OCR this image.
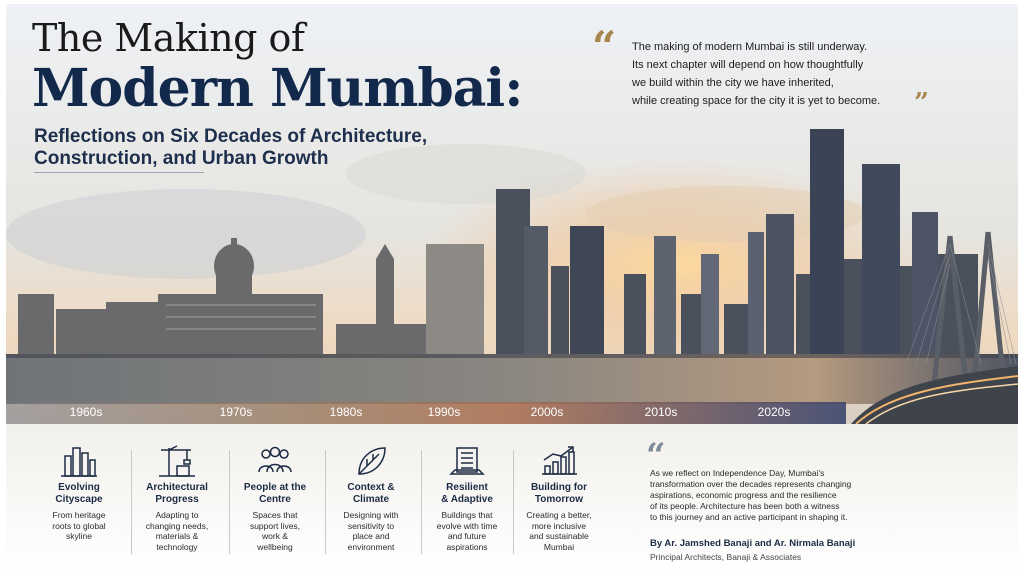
The Making of
Modern Mumbai:
Reflections on Six Decades of Architecture,
Construction, and Urban Growth
“ The making of modern Mumbai is still underway.
Its next chapter will depend on how thoughtfully
we build within the city we have inherited,
while creating space for the city it is yet to become.	”
1960s	1970s	1980s	1990s	2000s	2010s	2020s
Evolving
Cityscape
From heritage
roots to global
skyline
Architectural
Progress
Adapting to
changing needs,
materials &
technology
People at the
Centre
Spaces that
support lives,
work &
wellbeing
Context &
Climate
Designing with
sensitivity to
place and
environment
Resilient
& Adaptive
Buildings that
evolve with time
and future
aspirations
Building for
Tomorrow
Creating a better,
more inclusive
and sustainable
Mumbai
“

As we reflect on Independence Day, Mumbai's
transformation over the decades represents changing
aspirations, economic progress and the resilience
of its people. Architecture has been both a witness
to this journey and an active participant in shaping it.

By Ar. Jamshed Banaji and Ar. Nirmala Banaji
Principal Architects, Banaji & Associates
